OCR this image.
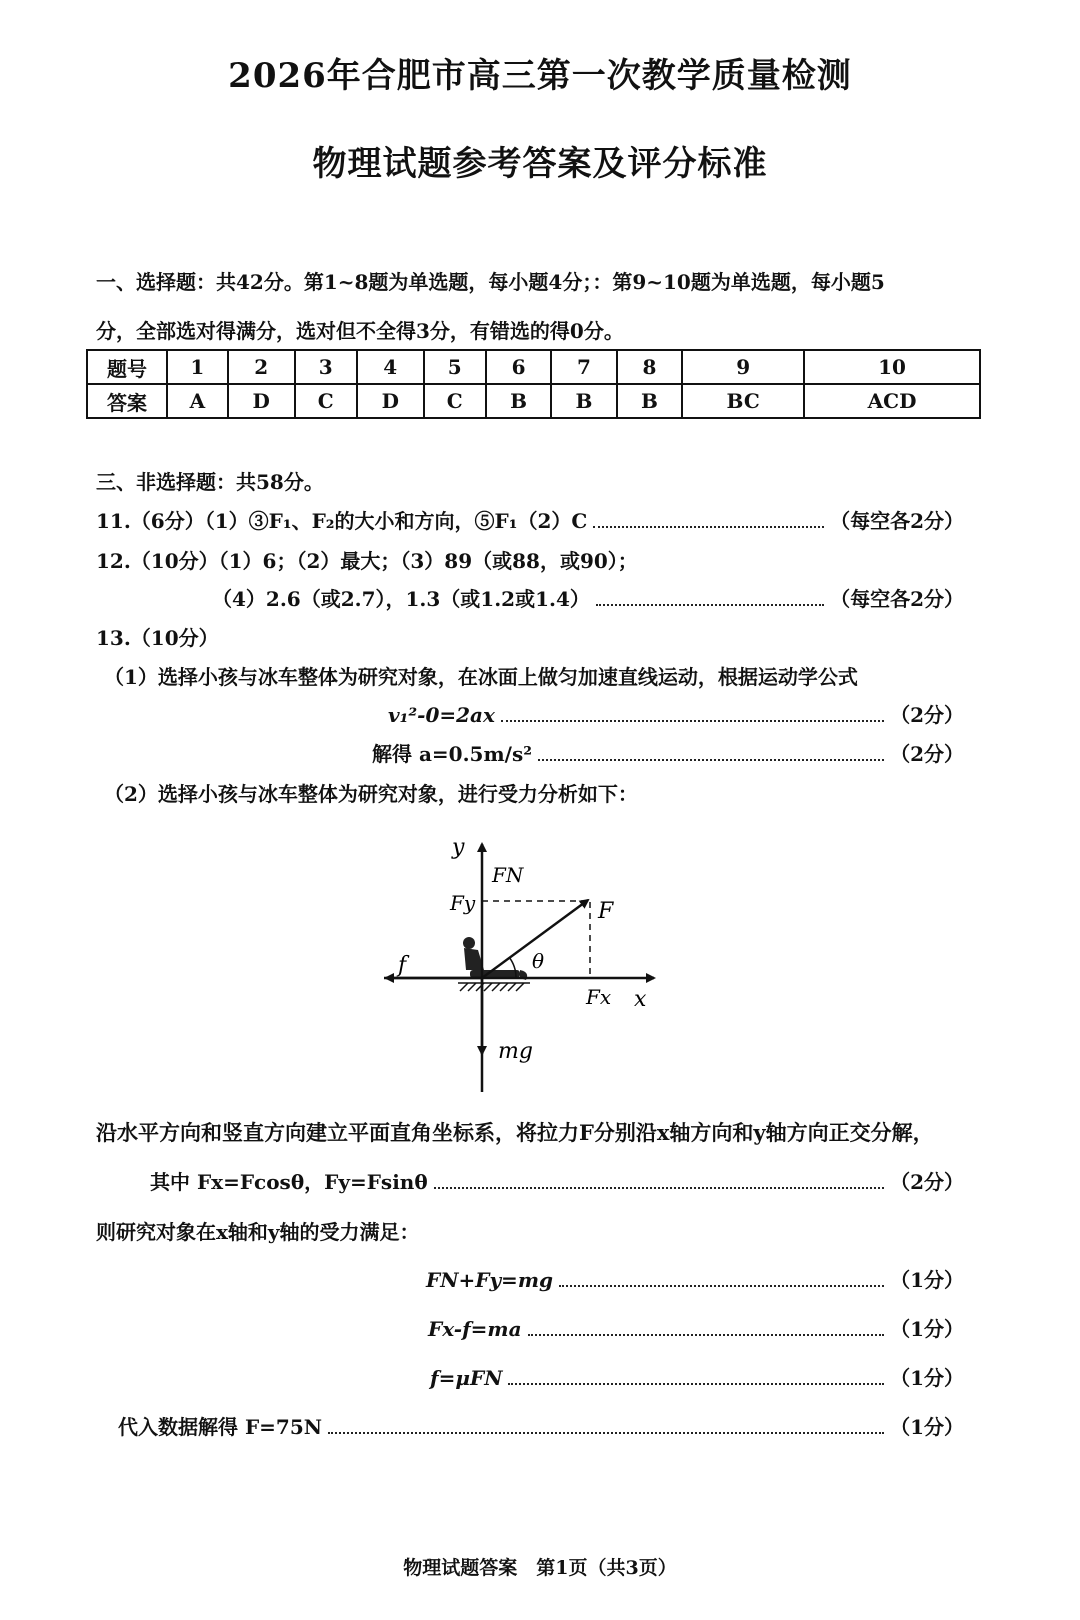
2026年合肥市高三第一次教学质量检测
物理试题参考答案及评分标准
一、选择题：共42分。第1~8题为单选题，每小题4分；：第9~10题为单选题，每小题5
分，全部选对得满分，选对但不全得3分，有错选的得0分。
题号	1	2	3	4	5	6	7	8	9	10
答案	A	D	C	D	C	B	B	B	BC	ACD
三、非选择题：共58分。
11.（6分）（1）③F₁、F₂的大小和方向，⑤F₁（2）C	（每空各2分）
12.（10分）（1）6；（2）最大；（3）89（或88，或90）；
（4）2.6（或2.7），1.3（或1.2或1.4）	（每空各2分）
13.（10分）
（1）选择小孩与冰车整体为研究对象，在冰面上做匀加速直线运动，根据运动学公式
v₁²-0=2ax	（2分）
解得 a=0.5m/s²	（2分）
（2）选择小孩与冰车整体为研究对象，进行受力分析如下：
y
x
FN
Fy	F
θ
f
Fx
mg
沿水平方向和竖直方向建立平面直角坐标系，将拉力F分别沿x轴方向和y轴方向正交分解，
其中 Fx=Fcosθ，Fy=Fsinθ	（2分）
则研究对象在x轴和y轴的受力满足：
FN+Fy=mg	（1分）
Fx-f=ma	（1分）
f=μFN	（1分）
代入数据解得 F=75N	（1分）
物理试题答案　第1页（共3页）
